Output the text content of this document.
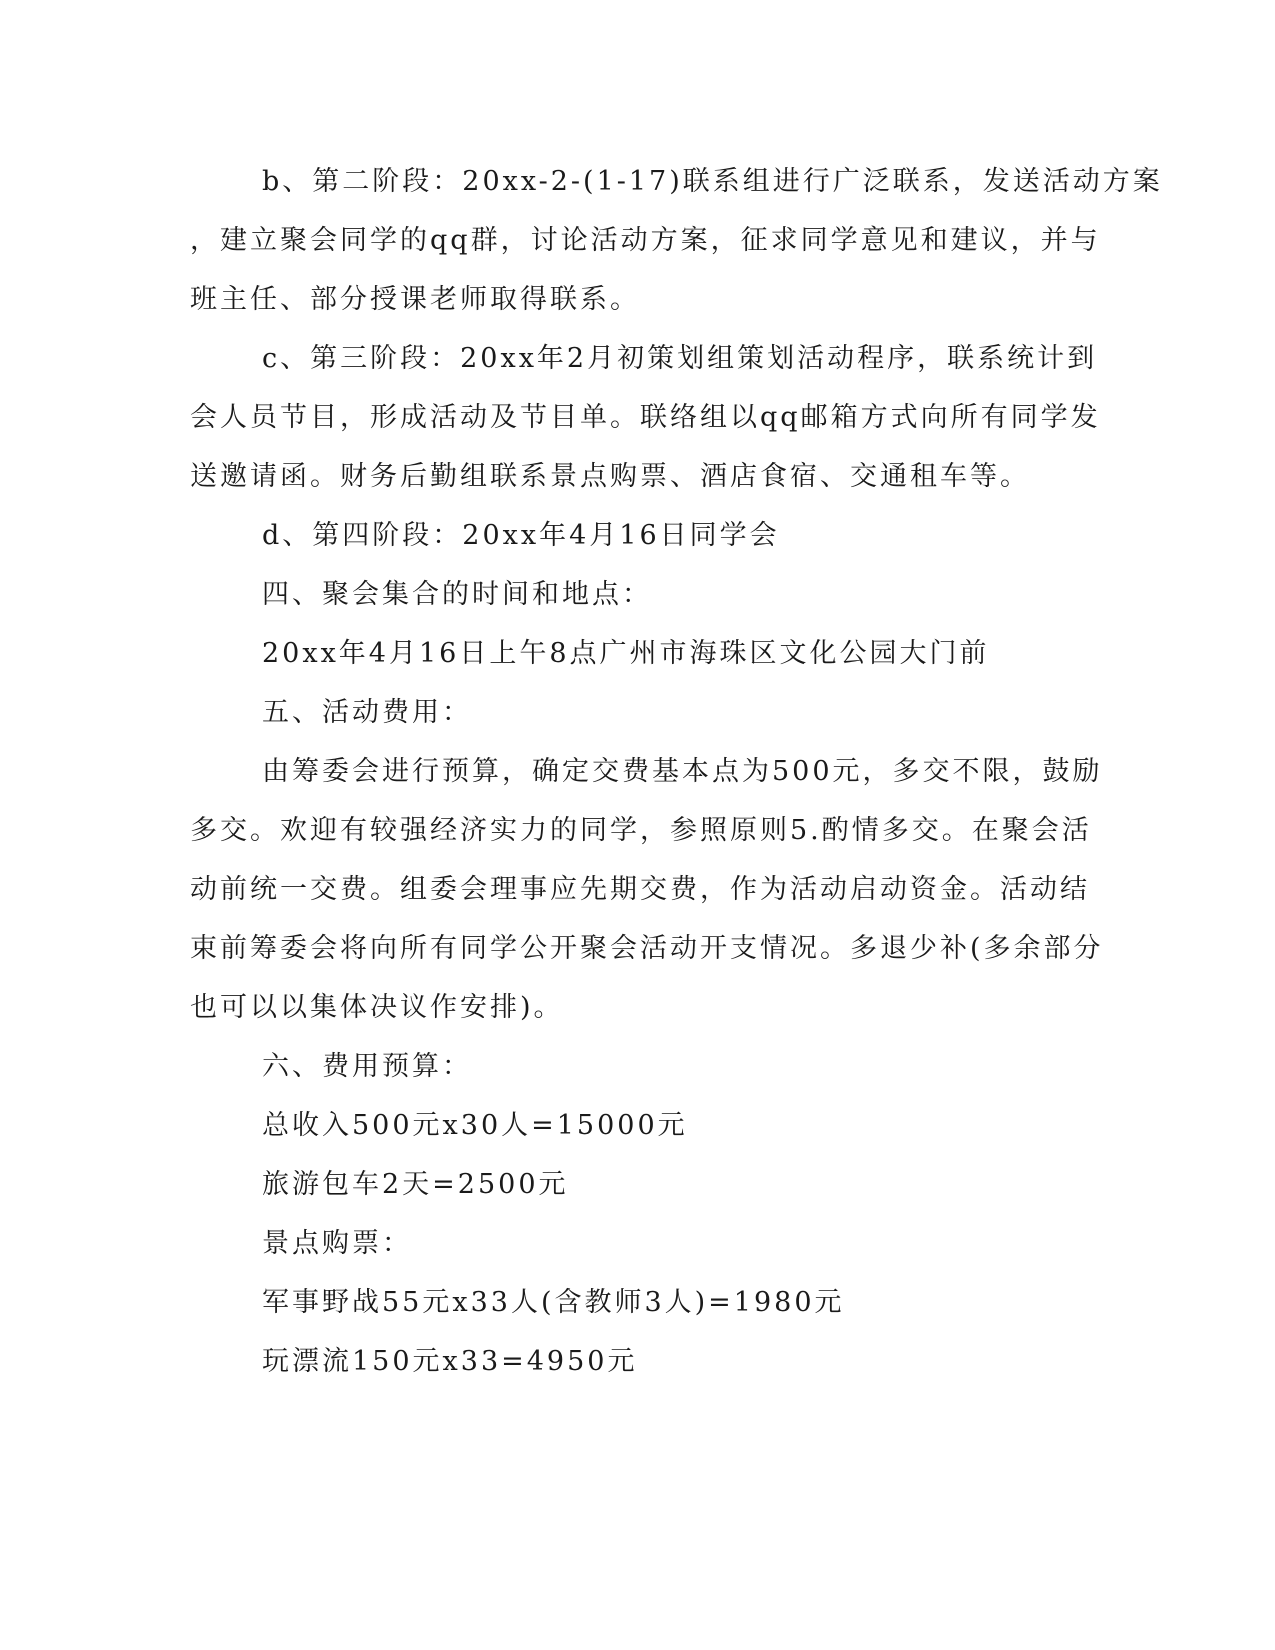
b、第二阶段：20xx-2-(1-17)联系组进行广泛联系，发送活动方案
，建立聚会同学的qq群，讨论活动方案，征求同学意见和建议，并与
班主任、部分授课老师取得联系。
c、第三阶段：20xx年2月初策划组策划活动程序，联系统计到
会人员节目，形成活动及节目单。联络组以qq邮箱方式向所有同学发
送邀请函。财务后勤组联系景点购票、酒店食宿、交通租车等。
d、第四阶段：20xx年4月16日同学会
四、聚会集合的时间和地点：
20xx年4月16日上午8点广州市海珠区文化公园大门前
五、活动费用：
由筹委会进行预算，确定交费基本点为500元，多交不限，鼓励
多交。欢迎有较强经济实力的同学，参照原则5.酌情多交。在聚会活
动前统一交费。组委会理事应先期交费，作为活动启动资金。活动结
束前筹委会将向所有同学公开聚会活动开支情况。多退少补(多余部分
也可以以集体决议作安排)。
六、费用预算：
总收入500元x30人=15000元
旅游包车2天=2500元
景点购票：
军事野战55元x33人(含教师3人)=1980元
玩漂流150元x33=4950元
